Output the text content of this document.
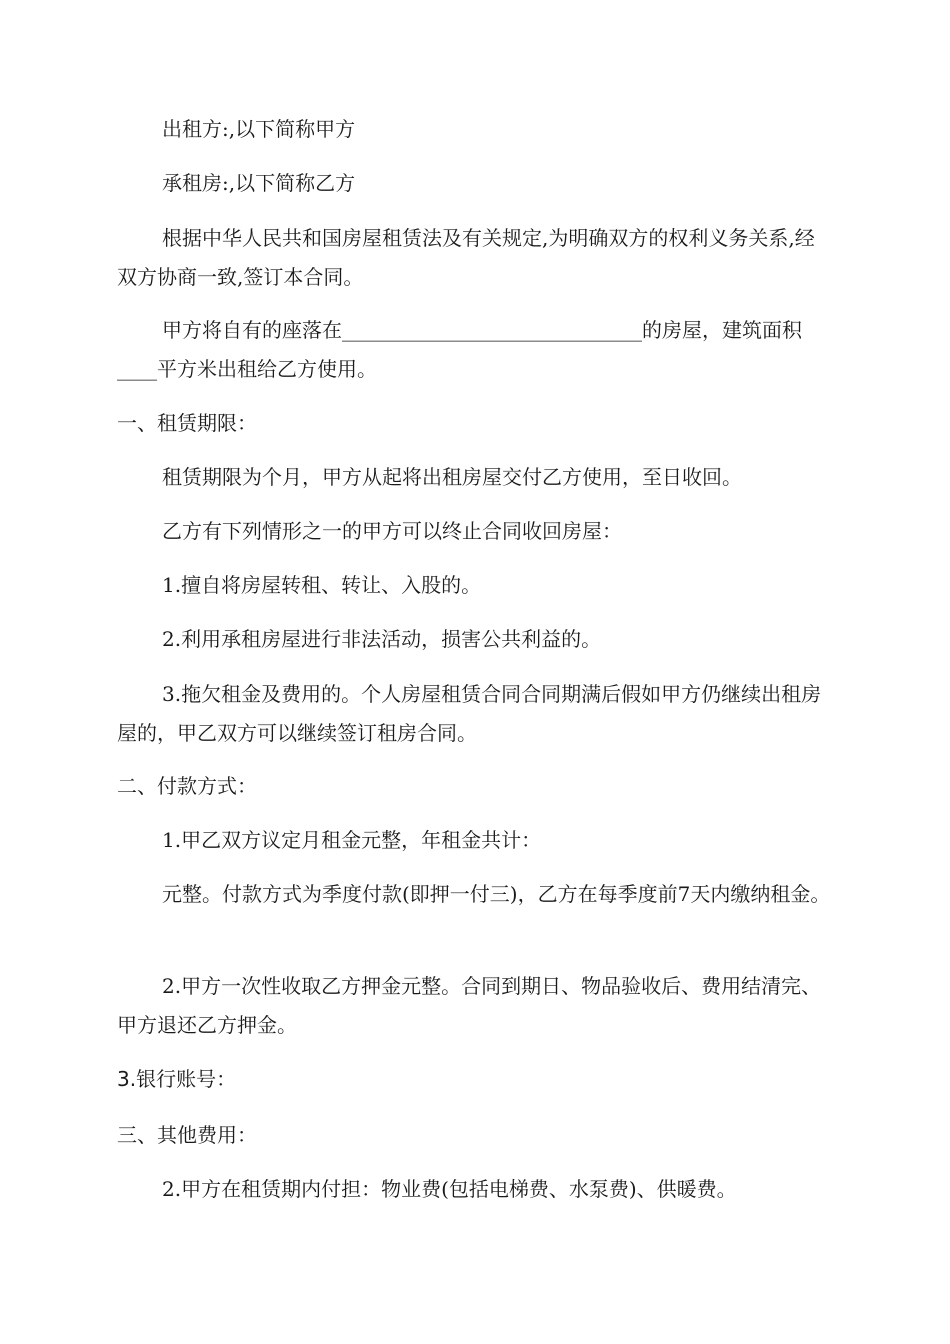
出租方:,以下简称甲方

承租房:,以下简称乙方

根据中华人民共和国房屋租赁法及有关规定,为明确双方的权利义务关系,经双方协商一致,签订本合同。

甲方将自有的座落在______________________________的房屋，建筑面积____平方米出租给乙方使用。

一、租赁期限：

租赁期限为个月，甲方从起将出租房屋交付乙方使用，至日收回。

乙方有下列情形之一的甲方可以终止合同收回房屋：

1.擅自将房屋转租、转让、入股的。

2.利用承租房屋进行非法活动，损害公共利益的。

3.拖欠租金及费用的。个人房屋租赁合同合同期满后假如甲方仍继续出租房屋的，甲乙双方可以继续签订租房合同。

二、付款方式：

1.甲乙双方议定月租金元整，年租金共计：

元整。付款方式为季度付款(即押一付三)，乙方在每季度前7天内缴纳租金。

2.甲方一次性收取乙方押金元整。合同到期日、物品验收后、费用结清完、甲方退还乙方押金。

3.银行账号：

三、其他费用：

2.甲方在租赁期内付担：物业费(包括电梯费、水泵费)、供暖费。
